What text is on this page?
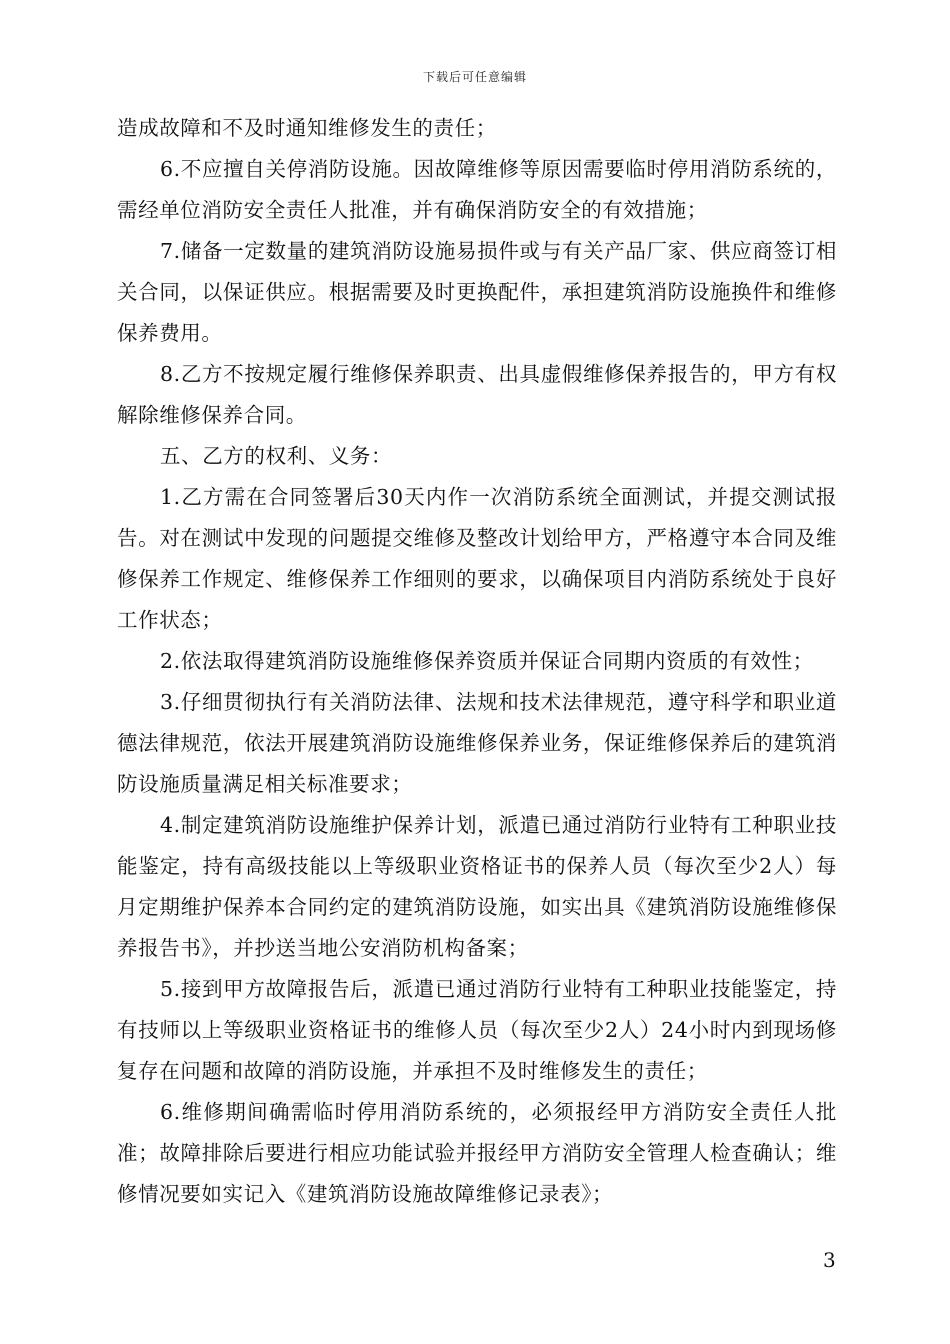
下载后可任意编辑

造成故障和不及时通知维修发生的责任；

6.不应擅自关停消防设施。因故障维修等原因需要临时停用消防系统的，需经单位消防安全责任人批准，并有确保消防安全的有效措施；

7.储备一定数量的建筑消防设施易损件或与有关产品厂家、供应商签订相关合同，以保证供应。根据需要及时更换配件，承担建筑消防设施换件和维修保养费用。

8.乙方不按规定履行维修保养职责、出具虚假维修保养报告的，甲方有权解除维修保养合同。

五、乙方的权利、义务：

1.乙方需在合同签署后30天内作一次消防系统全面测试，并提交测试报告。对在测试中发现的问题提交维修及整改计划给甲方，严格遵守本合同及维修保养工作规定、维修保养工作细则的要求，以确保项目内消防系统处于良好工作状态；

2.依法取得建筑消防设施维修保养资质并保证合同期内资质的有效性；

3.仔细贯彻执行有关消防法律、法规和技术法律规范，遵守科学和职业道德法律规范，依法开展建筑消防设施维修保养业务，保证维修保养后的建筑消防设施质量满足相关标准要求；

4.制定建筑消防设施维护保养计划，派遣已通过消防行业特有工种职业技能鉴定，持有高级技能以上等级职业资格证书的保养人员（每次至少2人）每月定期维护保养本合同约定的建筑消防设施，如实出具《建筑消防设施维修保养报告书》，并抄送当地公安消防机构备案；

5.接到甲方故障报告后，派遣已通过消防行业特有工种职业技能鉴定，持有技师以上等级职业资格证书的维修人员（每次至少2人）24小时内到现场修复存在问题和故障的消防设施，并承担不及时维修发生的责任；

6.维修期间确需临时停用消防系统的，必须报经甲方消防安全责任人批准；故障排除后要进行相应功能试验并报经甲方消防安全管理人检查确认；维修情况要如实记入《建筑消防设施故障维修记录表》；

3
